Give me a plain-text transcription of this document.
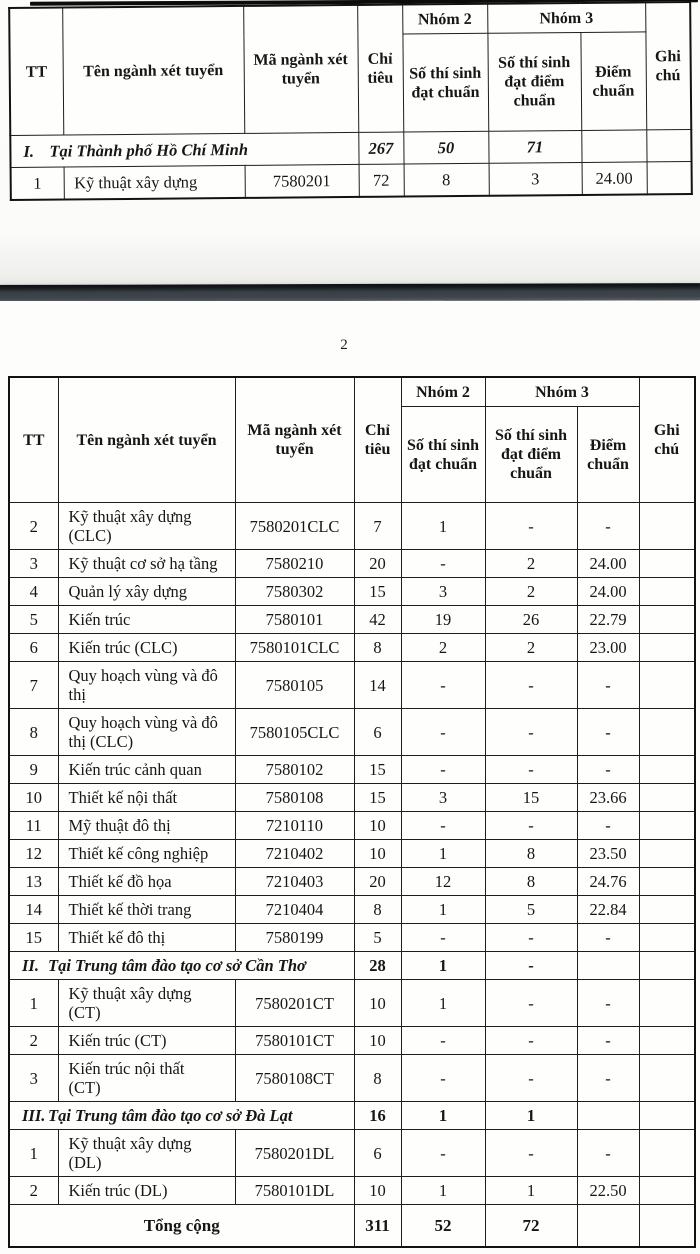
TT	Tên ngành xét tuyển	Mã ngành xét tuyển	Chỉ tiêu	Nhóm 2	Nhóm 3		Ghi chú
				Số thí sinh đạt chuẩn	Số thí sinh đạt điểm chuẩn	Điểm chuẩn	
I. Tại Thành phố Hồ Chí Minh			267	50	71		
1	Kỹ thuật xây dựng	7580201	72	8	3	24.00	
2
TT	Tên ngành xét tuyển	Mã ngành xét tuyển	Chỉ tiêu	Nhóm 2	Nhóm 3		Ghi chú
				Số thí sinh đạt chuẩn	Số thí sinh đạt điểm chuẩn	Điểm chuẩn	
2	Kỹ thuật xây dựng (CLC)	7580201CLC	7	1	-	-	
3	Kỹ thuật cơ sở hạ tầng	7580210	20	-	2	24.00	
4	Quản lý xây dựng	7580302	15	3	2	24.00	
5	Kiến trúc	7580101	42	19	26	22.79	
6	Kiến trúc (CLC)	7580101CLC	8	2	2	23.00	
7	Quy hoạch vùng và đô thị	7580105	14	-	-	-	
8	Quy hoạch vùng và đô thị (CLC)	7580105CLC	6	-	-	-	
9	Kiến trúc cảnh quan	7580102	15	-	-	-	
10	Thiết kế nội thất	7580108	15	3	15	23.66	
11	Mỹ thuật đô thị	7210110	10	-	-	-	
12	Thiết kế công nghiệp	7210402	10	1	8	23.50	
13	Thiết kế đồ họa	7210403	20	12	8	24.76	
14	Thiết kế thời trang	7210404	8	1	5	22.84	
15	Thiết kế đô thị	7580199	5	-	-	-	
II. Tại Trung tâm đào tạo cơ sở Cần Thơ			28	1	-		
1	Kỹ thuật xây dựng (CT)	7580201CT	10	1	-	-	
2	Kiến trúc (CT)	7580101CT	10	-	-	-	
3	Kiến trúc nội thất (CT)	7580108CT	8	-	-	-	
III. Tại Trung tâm đào tạo cơ sở Đà Lạt			16	1	1		
1	Kỹ thuật xây dựng (DL)	7580201DL	6	-	-	-	
2	Kiến trúc (DL)	7580101DL	10	1	1	22.50	
Tổng cộng			311	52	72		
